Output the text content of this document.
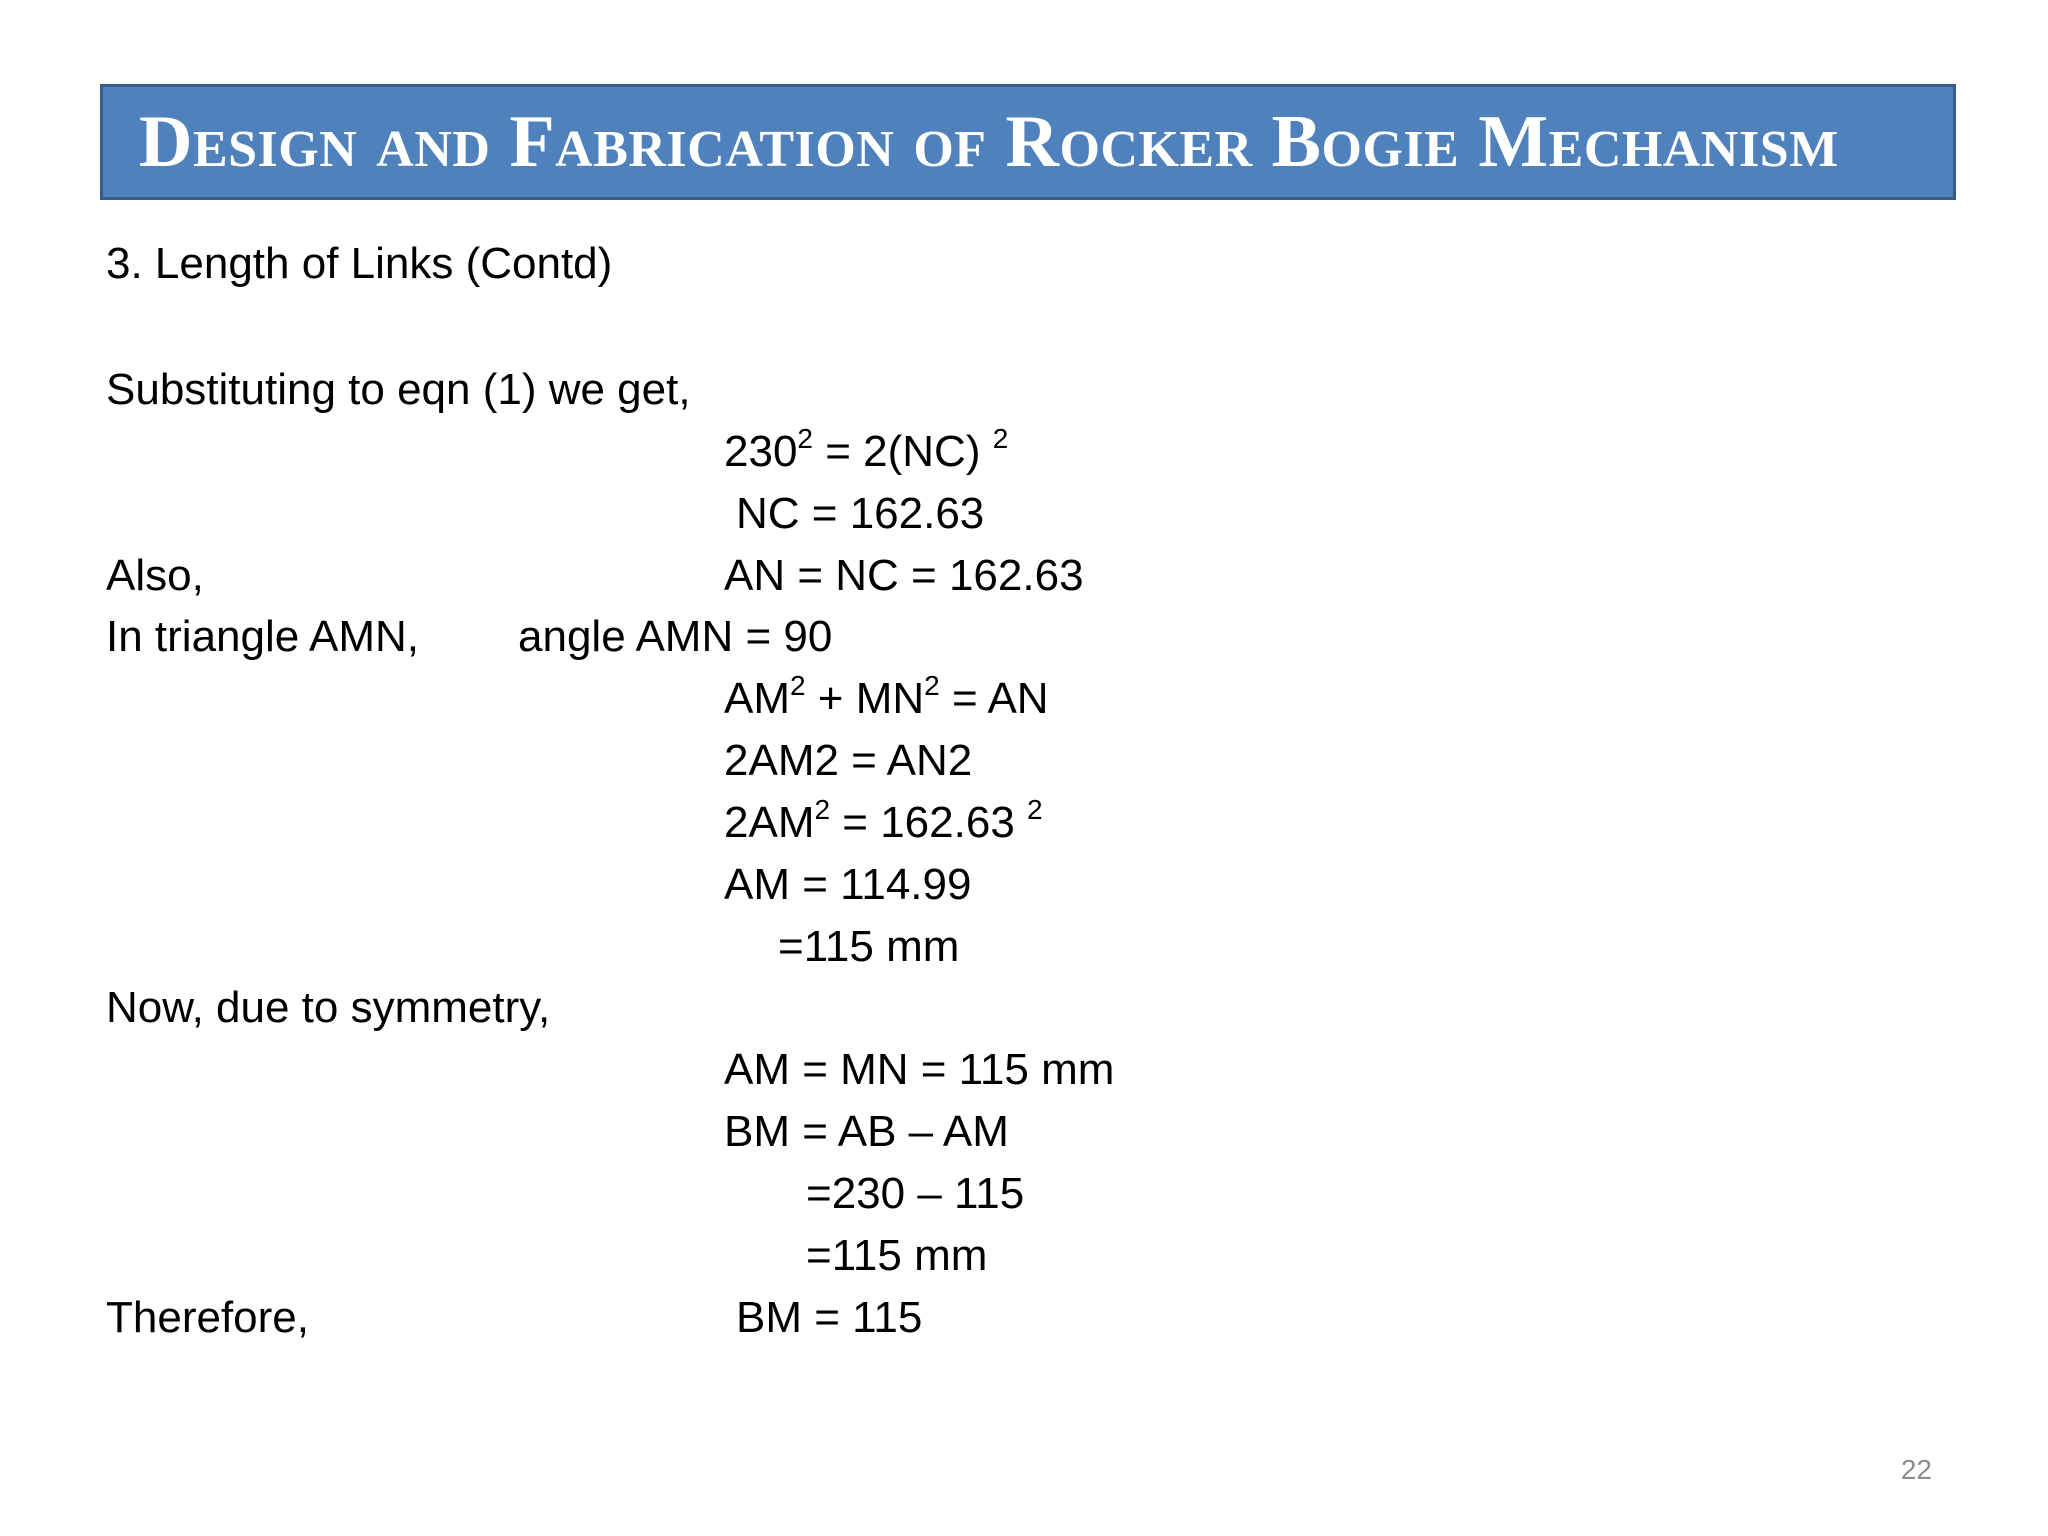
Design and Fabrication of Rocker Bogie Mechanism
3. Length of Links (Contd)
Substituting to eqn (1) we get,
$230^2 = 2(NC)$ $^2$
NC = 162.63
Also,	AN = NC = 162.63
In triangle AMN, angle AMN = 90
$AM^2 + MN^2$ = AN
2AM2 = AN2
$2AM^2 = 162.63$ $^2$
AM = 114.99
=115 mm
Now, due to symmetry,
AM = MN = 115 mm
BM = AB – AM
=230 – 115
=115 mm
Therefore,	BM = 115
22
